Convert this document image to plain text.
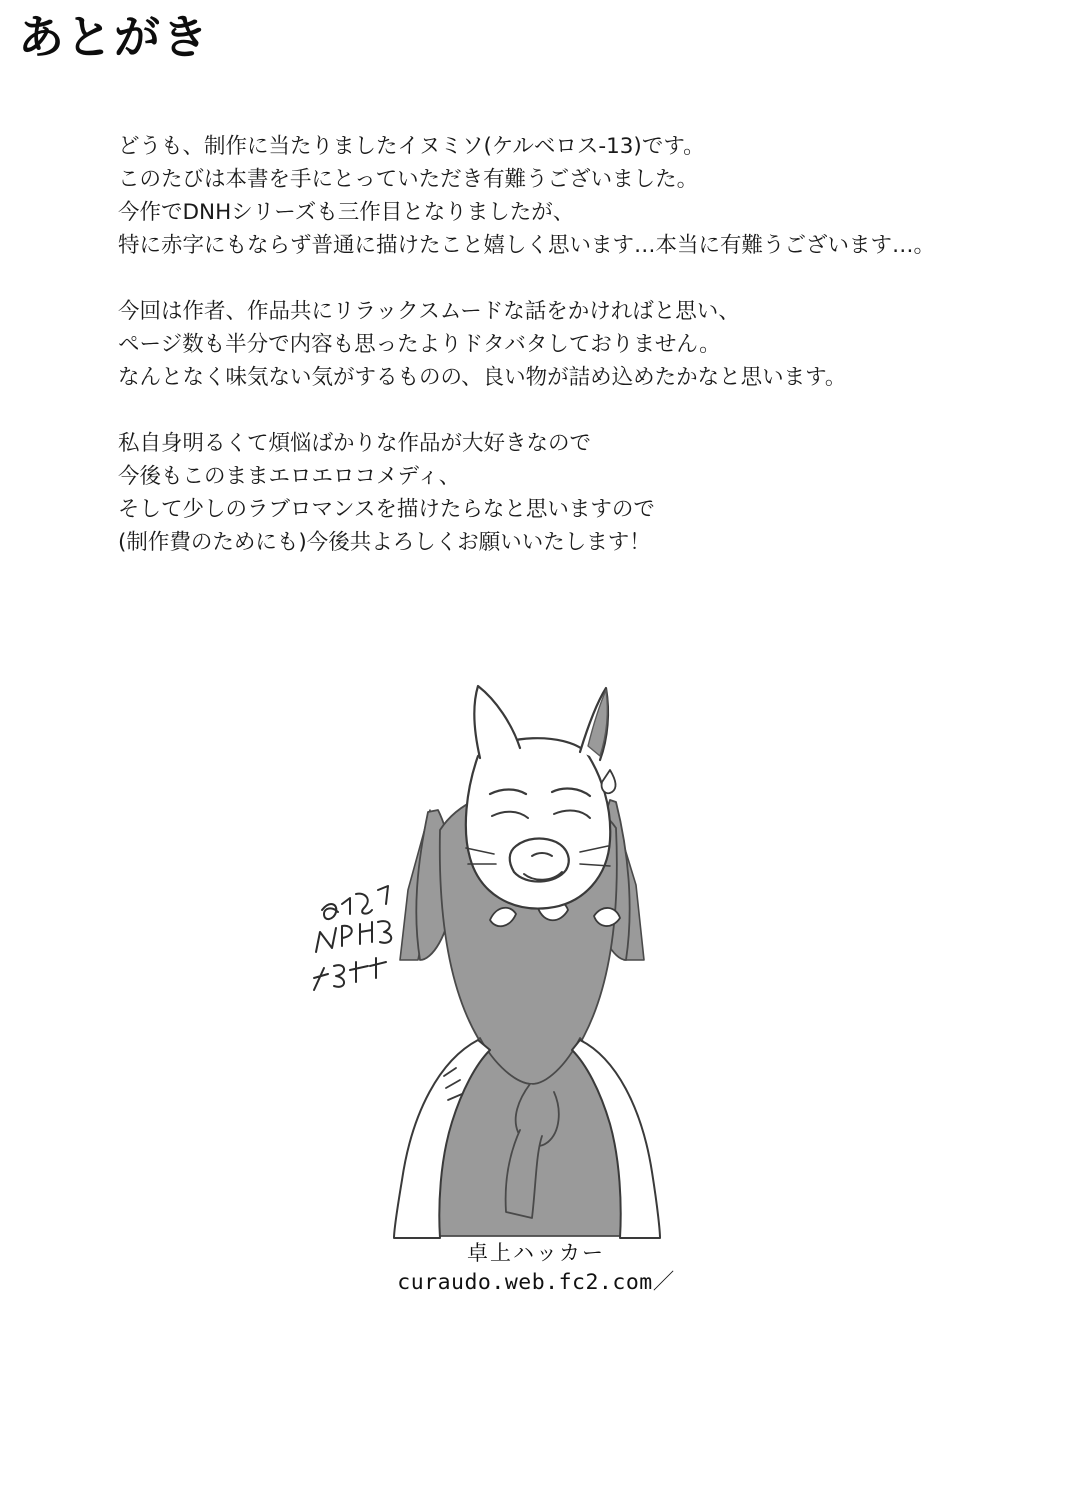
あとがき
どうも、制作に当たりましたイヌミソ(ケルベロス-13)です。
このたびは本書を手にとっていただき有難うございました。
今作でDNHシリーズも三作目となりましたが、
特に赤字にもならず普通に描けたこと嬉しく思います…本当に有難うございます…。
今回は作者、作品共にリラックスムードな話をかければと思い、
ページ数も半分で内容も思ったよりドタバタしておりません。
なんとなく味気ない気がするものの、良い物が詰め込めたかなと思います。
私自身明るくて煩悩ばかりな作品が大好きなので
今後もこのままエロエロコメディ、
そして少しのラブロマンスを描けたらなと思いますので
(制作費のためにも)今後共よろしくお願いいたします！
卓上ハッカー
curaudo.web.fc2.com／
